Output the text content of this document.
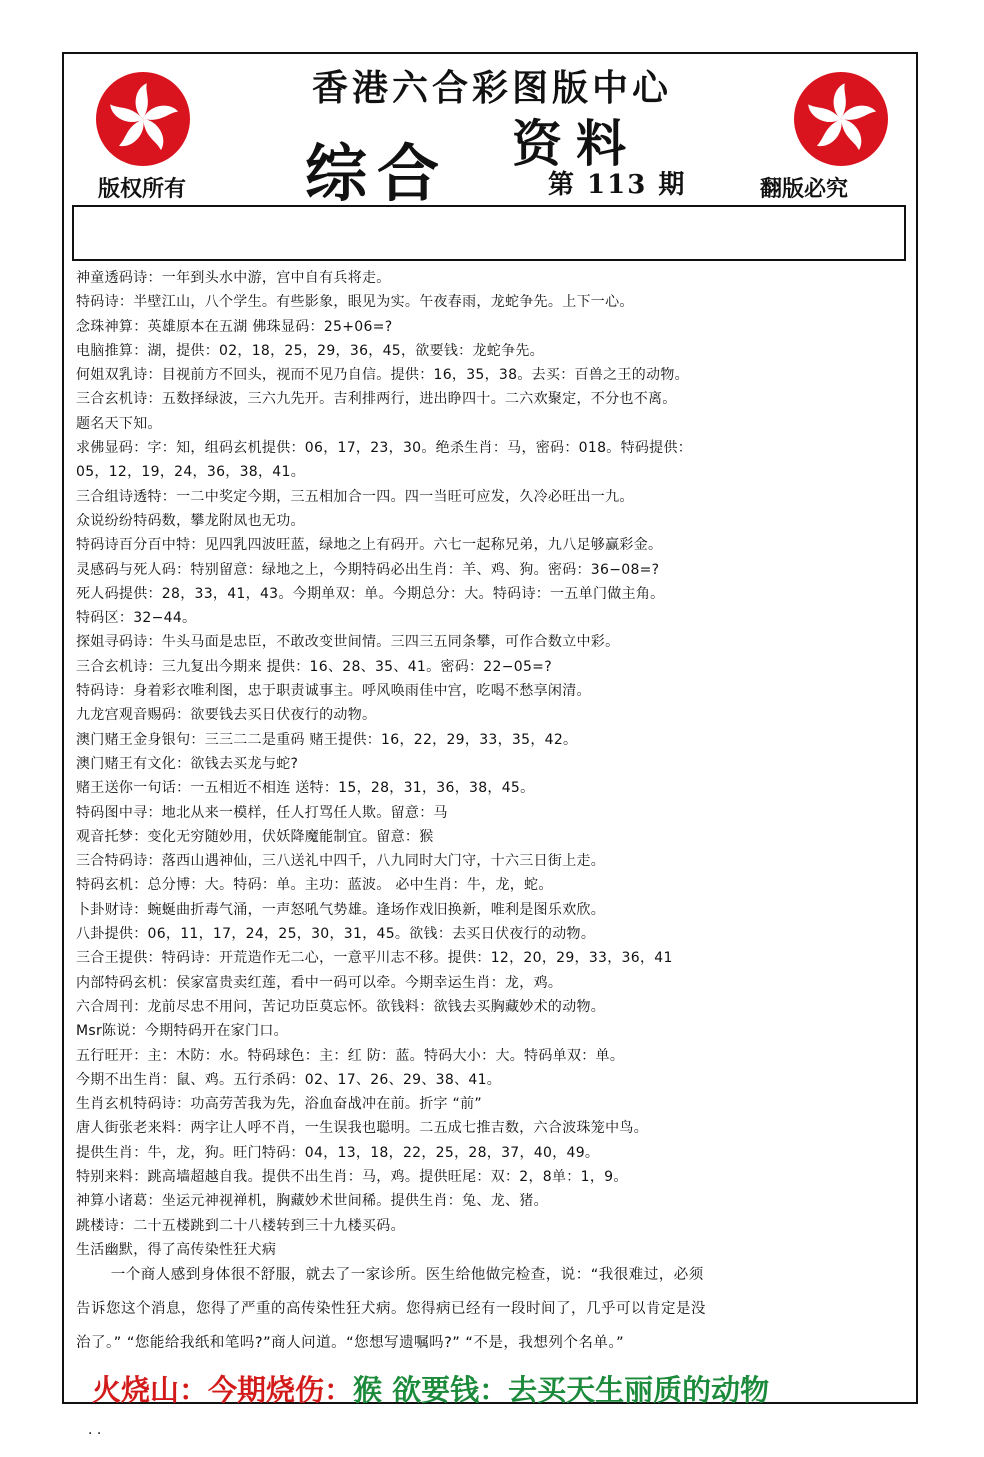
香港六合彩图版中心
综合 资料
第 113 期
版权所有	翻版必究
神童透码诗：一年到头水中游，宫中自有兵将走。
特码诗：半壁江山，八个学生。有些影象，眼见为实。午夜春雨，龙蛇争先。上下一心。
念珠神算：英雄原本在五湖 佛珠显码：25+06=?
电脑推算：湖，提供：02，18，25，29，36，45，欲要钱：龙蛇争先。
何姐双乳诗：目视前方不回头，视而不见乃自信。提供：16，35，38。去买：百兽之王的动物。
三合玄机诗：五数择绿波，三六九先开。吉利排两行，进出睁四十。二六欢聚定，不分也不离。
题名天下知。
求佛显码：字：知，组码玄机提供：06，17，23，30。绝杀生肖：马，密码：018。特码提供：
05，12，19，24，36，38，41。
三合组诗透特：一二中奖定今期，三五相加合一四。四一当旺可应发，久冷必旺出一九。
众说纷纷特码数，攀龙附凤也无功。
特码诗百分百中特：见四乳四波旺蓝，绿地之上有码开。六七一起称兄弟，九八足够赢彩金。
灵感码与死人码：特别留意：绿地之上，今期特码必出生肖：羊、鸡、狗。密码：36−08=?
死人码提供：28，33，41，43。今期单双：单。今期总分：大。特码诗：一五单门做主角。
特码区：32−44。
探姐寻码诗：牛头马面是忠臣，不敢改变世间情。三四三五同条攀，可作合数立中彩。
三合玄机诗：三九复出今期来 提供：16、28、35、41。密码：22−05=?
特码诗：身着彩衣唯利图，忠于职责诚事主。呼风唤雨佳中宫，吃喝不愁享闲清。
九龙宫观音赐码：欲要钱去买日伏夜行的动物。
澳门赌王金身银句：三三二二是重码 赌王提供：16，22，29，33，35，42。
澳门赌王有文化：欲钱去买龙与蛇?
赌王送你一句话：一五相近不相连 送特：15，28，31，36，38，45。
特码图中寻：地北从来一模样，任人打骂任人欺。留意：马
观音托梦：变化无穷随妙用，伏妖降魔能制宜。留意：猴
三合特码诗：落西山遇神仙，三八送礼中四千，八九同时大门守，十六三日街上走。
特码玄机：总分博：大。特码：单。主功：蓝波。 必中生肖：牛，龙，蛇。
卜卦财诗：蜿蜒曲折毒气涌，一声怒吼气势雄。逢场作戏旧换新，唯利是图乐欢欣。
八卦提供：06，11，17，24，25，30，31，45。欲钱：去买日伏夜行的动物。
三合王提供：特码诗：开荒造作无二心，一意平川志不移。提供：12，20，29，33，36，41
内部特码玄机：侯家富贵卖红莲，看中一码可以牵。今期幸运生肖：龙，鸡。
六合周刊：龙前尽忠不用问，苦记功臣莫忘怀。欲钱料：欲钱去买胸藏妙术的动物。
Msr陈说：今期特码开在家门口。
五行旺开：主：木防：水。特码球色：主：红 防：蓝。特码大小：大。特码单双：单。
今期不出生肖：鼠、鸡。五行杀码：02、17、26、29、38、41。
生肖玄机特码诗：功高劳苦我为先，浴血奋战冲在前。折字 “前”
唐人街张老来料：两字让人呼不肖，一生误我也聪明。二五成七推吉数，六合波珠笼中鸟。
提供生肖：牛，龙，狗。旺门特码：04，13，18，22，25，28，37，40，49。
特别来料：跳高墙超越自我。提供不出生肖：马，鸡。提供旺尾：双：2，8单：1，9。
神算小诸葛：坐运元神视禅机，胸藏妙术世间稀。提供生肖：兔、龙、猪。
跳楼诗：二十五楼跳到二十八楼转到三十九楼买码。
生活幽默，得了高传染性狂犬病

一个商人感到身体很不舒服，就去了一家诊所。医生给他做完检查，说：“我很难过，必须

告诉您这个消息，您得了严重的高传染性狂犬病。您得病已经有一段时间了，几乎可以肯定是没

治了。” “您能给我纸和笔吗?”商人问道。“您想写遗嘱吗?” “不是，我想列个名单。”

火烧山：今期烧伤：猴 欲要钱：去买天生丽质的动物
. .
